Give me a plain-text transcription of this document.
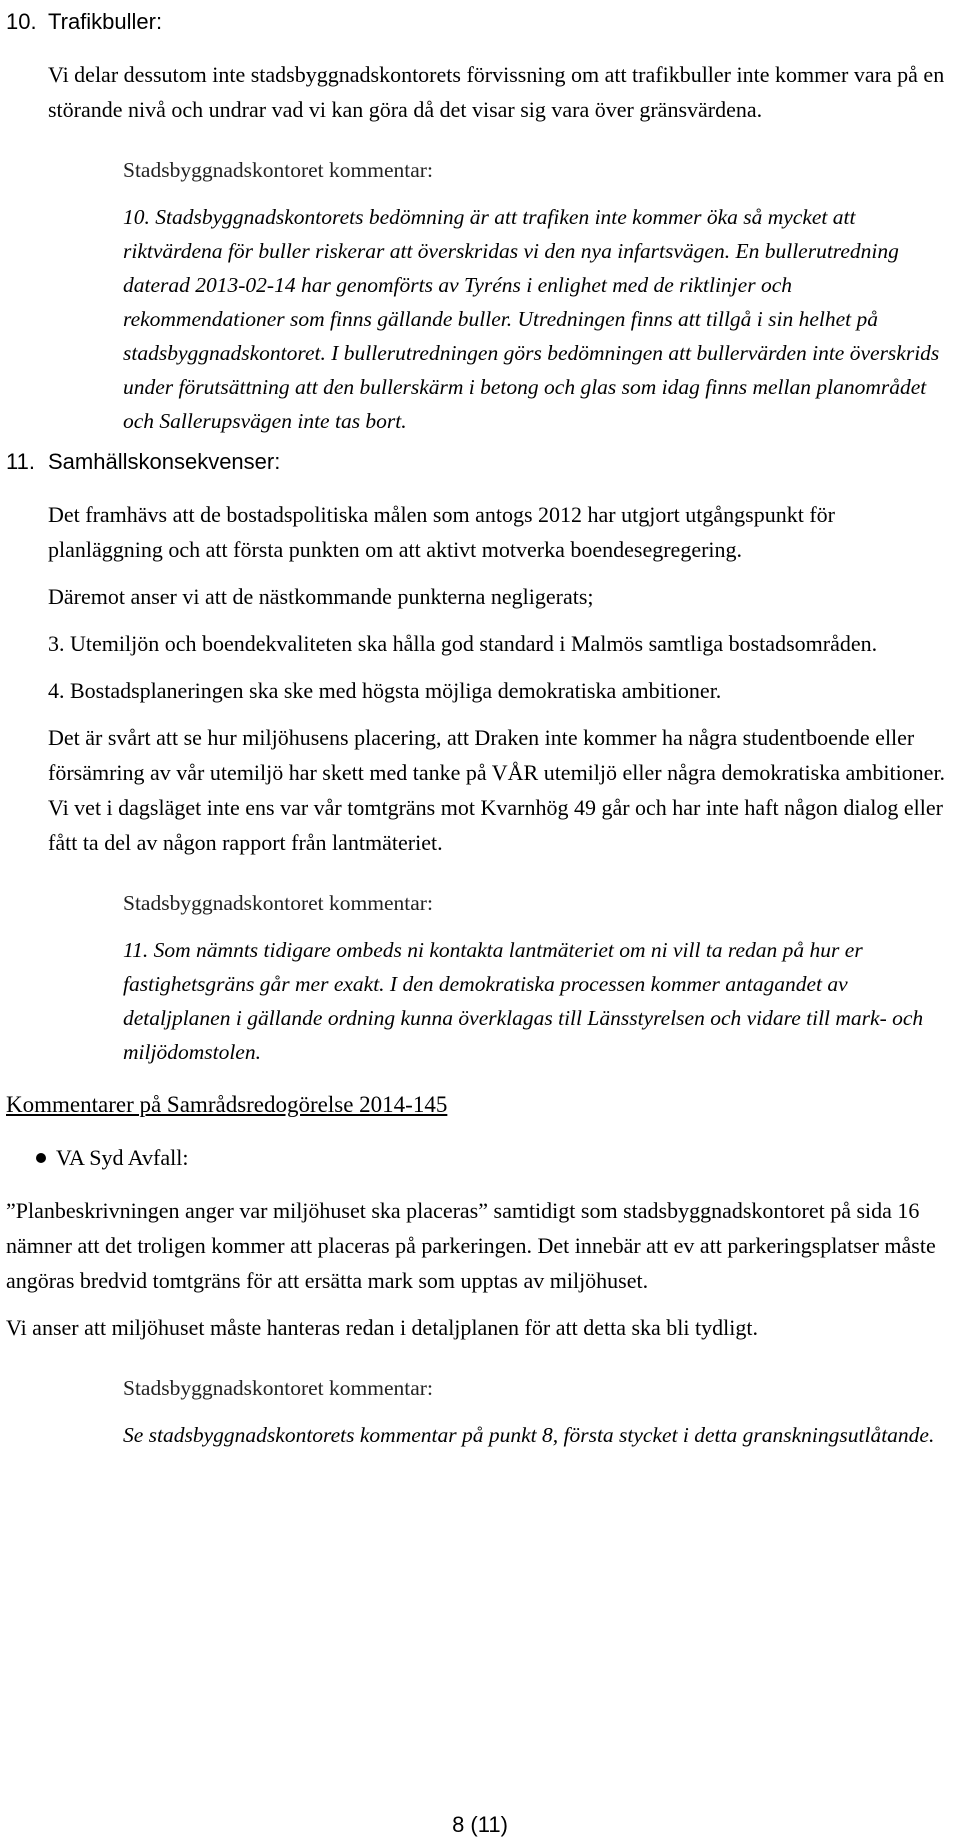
10. Trafikbuller:

Vi delar dessutom inte stadsbyggnadskontorets förvissning om att trafikbuller inte kommer vara på en störande nivå och undrar vad vi kan göra då det visar sig vara över gränsvärdena.

Stadsbyggnadskontoret kommentar:

10. Stadsbyggnadskontorets bedömning är att trafiken inte kommer öka så mycket att riktvärdena för buller riskerar att överskridas vi den nya infartsvägen. En bullerutredning daterad 2013-02-14 har genomförts av Tyréns i enlighet med de riktlinjer och rekommendationer som finns gällande buller. Utredningen finns att tillgå i sin helhet på stadsbyggnadskontoret. I bullerutredningen görs bedömningen att bullervärden inte överskrids under förutsättning att den bullerskärm i betong och glas som idag finns mellan planområdet och Sallerupsvägen inte tas bort.

11. Samhällskonsekvenser:

Det framhävs att de bostadspolitiska målen som antogs 2012 har utgjort utgångspunkt för planläggning och att första punkten om att aktivt motverka boendesegregering.

Däremot anser vi att de nästkommande punkterna negligerats;

3. Utemiljön och boendekvaliteten ska hålla god standard i Malmös samtliga bostadsområden.

4. Bostadsplaneringen ska ske med högsta möjliga demokratiska ambitioner.

Det är svårt att se hur miljöhusens placering, att Draken inte kommer ha några studentboende eller försämring av vår utemiljö har skett med tanke på VÅR utemiljö eller några demokratiska ambitioner. Vi vet i dagsläget inte ens var vår tomtgräns mot Kvarnhög 49 går och har inte haft någon dialog eller fått ta del av någon rapport från lantmäteriet.

Stadsbyggnadskontoret kommentar:

11. Som nämnts tidigare ombeds ni kontakta lantmäteriet om ni vill ta redan på hur er fastighetsgräns går mer exakt. I den demokratiska processen kommer antagandet av detaljplanen i gällande ordning kunna överklagas till Länsstyrelsen och vidare till mark- och miljödomstolen.

Kommentarer på Samrådsredogörelse 2014-145

VA Syd Avfall:

”Planbeskrivningen anger var miljöhuset ska placeras” samtidigt som stadsbyggnadskontoret på sida 16 nämner att det troligen kommer att placeras på parkeringen. Det innebär att ev att parkeringsplatser måste angöras bredvid tomtgräns för att ersätta mark som upptas av miljöhuset.

Vi anser att miljöhuset måste hanteras redan i detaljplanen för att detta ska bli tydligt.

Stadsbyggnadskontoret kommentar:

Se stadsbyggnadskontorets kommentar på punkt 8, första stycket i detta granskningsutlåtande.

8 (11)
